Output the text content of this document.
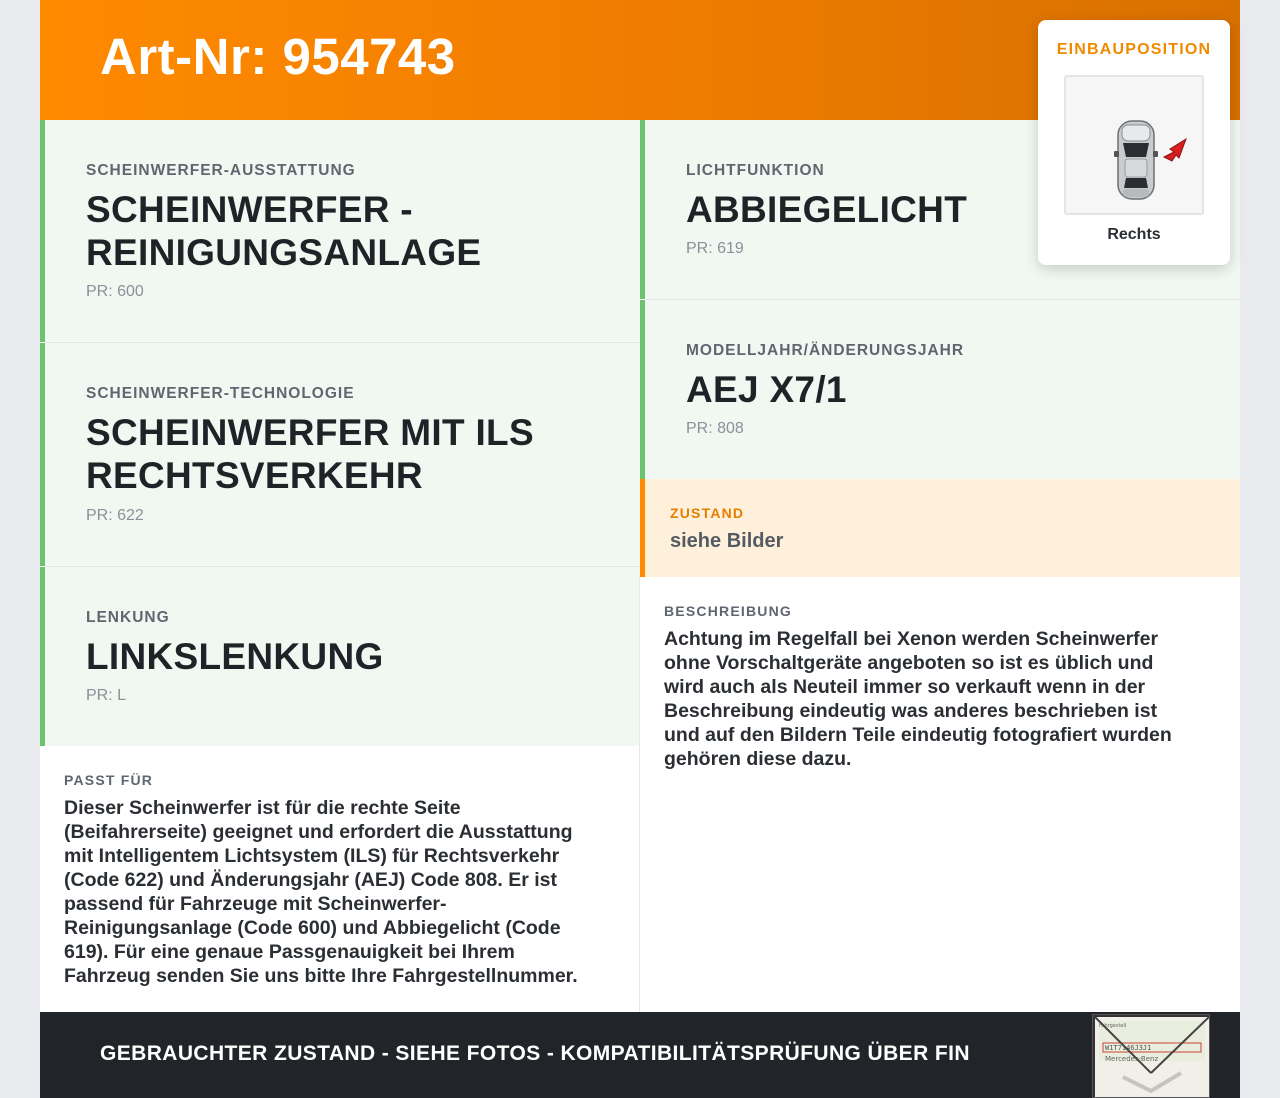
Art-Nr: 954743
SCHEINWERFER-AUSSTATTUNG
SCHEINWERFER -
REINIGUNGSANLAGE
PR: 600
SCHEINWERFER-TECHNOLOGIE
SCHEINWERFER MIT ILS
RECHTSVERKEHR
PR: 622
LENKUNG
LINKSLENKUNG
PR: L
LICHTFUNKTION
ABBIEGELICHT
PR: 619
MODELLJAHR/ÄNDERUNGSJAHR
AEJ X7/1
PR: 808
ZUSTAND
siehe Bilder
PASST FÜR
Dieser Scheinwerfer ist für die rechte Seite
(Beifahrerseite) geeignet und erfordert die Ausstattung
mit Intelligentem Lichtsystem (ILS) für Rechtsverkehr
(Code 622) und Änderungsjahr (AEJ) Code 808. Er ist
passend für Fahrzeuge mit Scheinwerfer-
Reinigungsanlage (Code 600) und Abbiegelicht (Code
619). Für eine genaue Passgenauigkeit bei Ihrem
Fahrzeug senden Sie uns bitte Ihre Fahrgestellnummer.
BESCHREIBUNG
Achtung im Regelfall bei Xenon werden Scheinwerfer
ohne Vorschaltgeräte angeboten so ist es üblich und
wird auch als Neuteil immer so verkauft wenn in der
Beschreibung eindeutig was anderes beschrieben ist
und auf den Bildern Teile eindeutig fotografiert wurden
gehören diese dazu.
GEBRAUCHTER ZUSTAND - SIEHE FOTOS - KOMPATIBILITÄTSPRÜFUNG ÜBER FIN
Fahrgestell
W1T7146J3J1
Mercedes-Benz
EINBAUPOSITION
Rechts
